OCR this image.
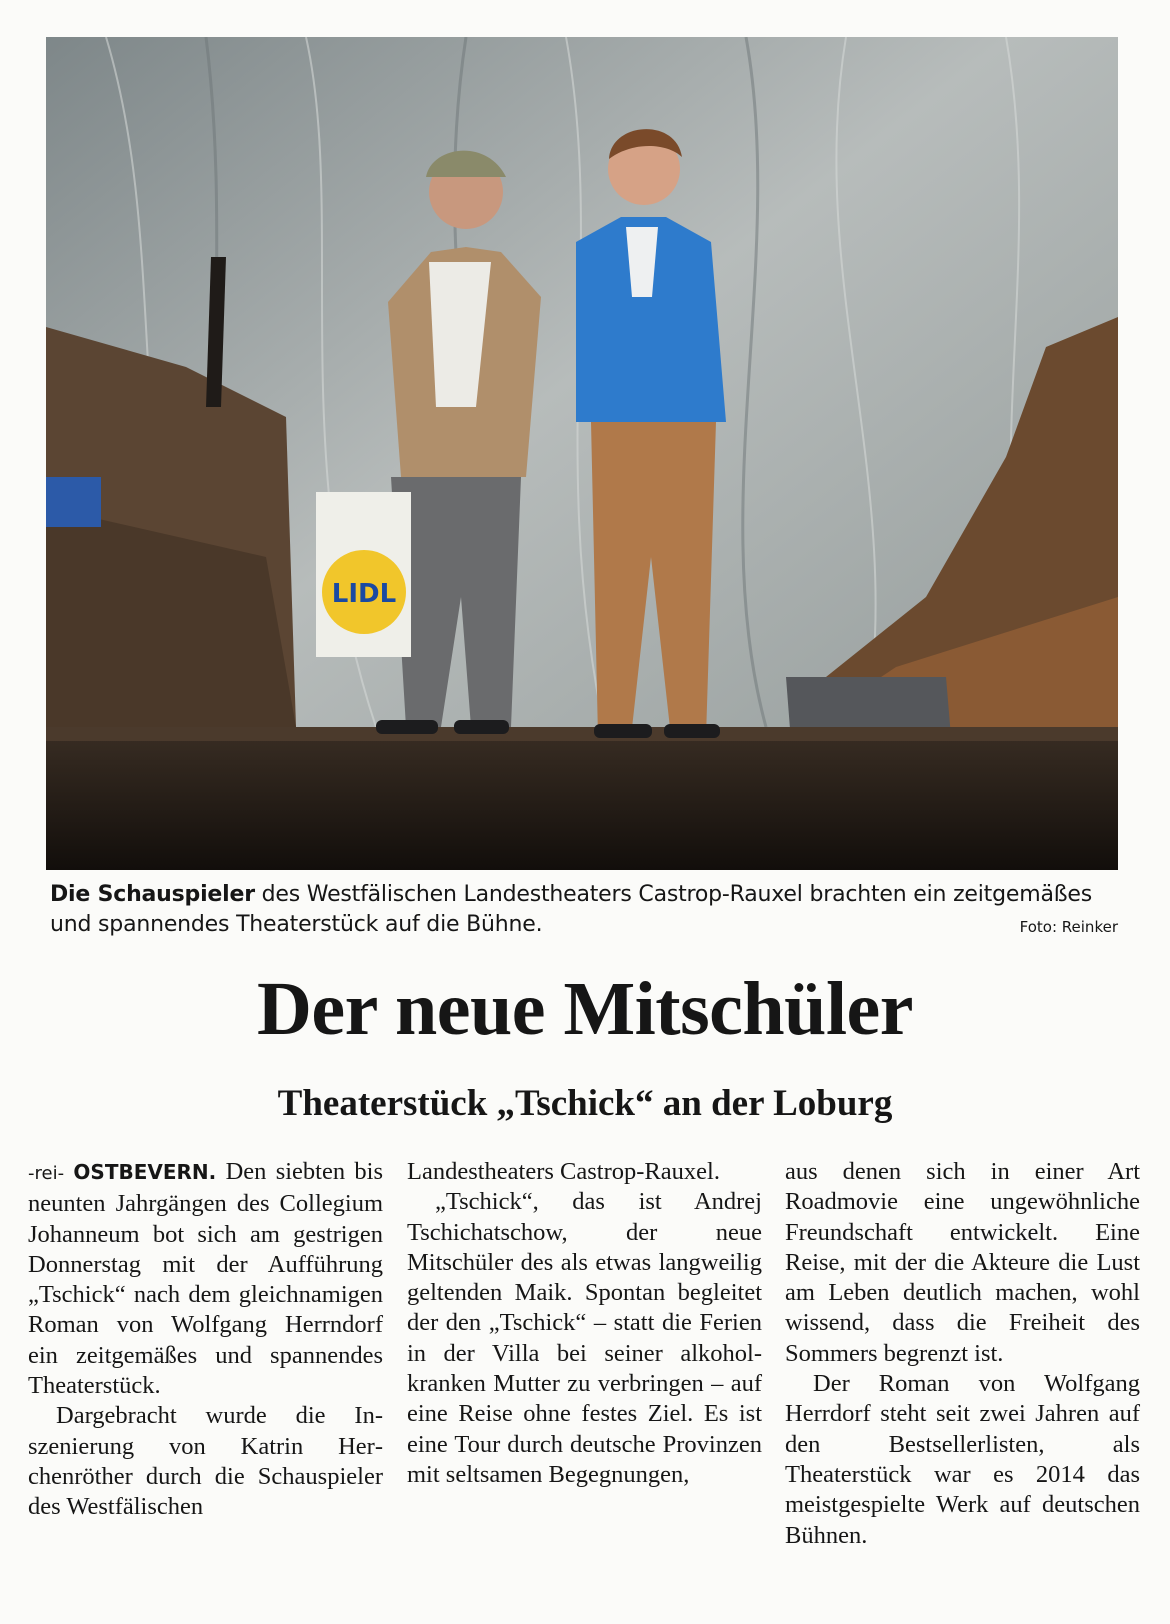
LIDL
Die Schauspieler des Westfälischen Landestheaters Castrop-Rauxel brachten ein zeitgemäßes und spannendes Theaterstück auf die Bühne.	Foto: Reinker
Der neue Mitschüler
Theaterstück „Tschick“ an der Loburg

-rei- OSTBEVERN. Den siebten bis neunten Jahrgängen des Collegium Johanneum bot sich am gestrigen Donnerstag mit der Aufführung „Tschick“ nach dem gleichnamigen Roman von Wolfgang Herrndorf ein zeitgemäßes und spannendes Theaterstück.

Dargebracht wurde die Inszenierung von Katrin Herchenröther durch die Schauspieler des Westfälischen

Landestheaters Castrop-Rauxel.

„Tschick“, das ist Andrej Tschichatschow, der neue Mitschüler des als etwas langweilig geltenden Maik. Spontan begleitet der den „Tschick“ – statt die Ferien in der Villa bei seiner alkoholkranken Mutter zu verbringen – auf eine Reise ohne festes Ziel. Es ist eine Tour durch deutsche Provinzen mit seltsamen Begegnungen,

aus denen sich in einer Art Roadmovie eine ungewöhnliche Freundschaft entwickelt. Eine Reise, mit der die Akteure die Lust am Leben deutlich machen, wohl wissend, dass die Freiheit des Sommers begrenzt ist.

Der Roman von Wolfgang Herrdorf steht seit zwei Jahren auf den Bestsellerlisten, als Theaterstück war es 2014 das meistgespielte Werk auf deutschen Bühnen.
